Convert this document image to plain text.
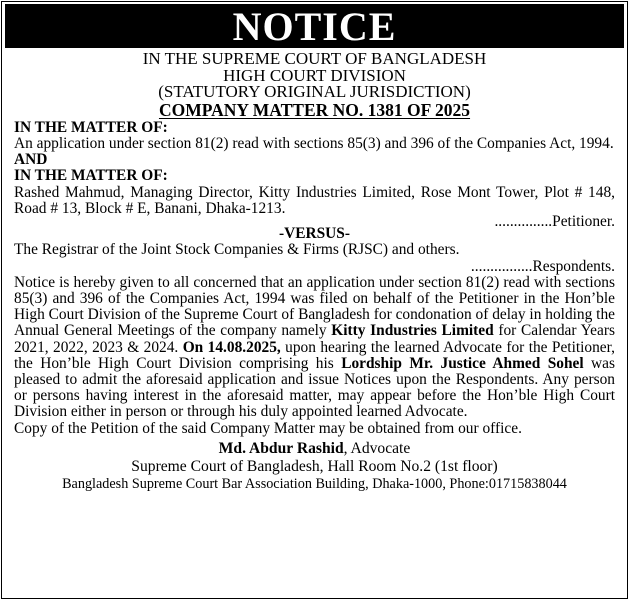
NOTICE
IN THE SUPREME COURT OF BANGLADESH
HIGH COURT DIVISION
(STATUTORY ORIGINAL JURISDICTION)
COMPANY MATTER NO. 1381 OF 2025
IN THE MATTER OF:
An application under section 81(2) read with sections 85(3) and 396 of the Companies Act, 1994.
AND
IN THE MATTER OF:
Rashed Mahmud, Managing Director, Kitty Industries Limited, Rose Mont Tower, Plot # 148, Road # 13, Block # E, Banani, Dhaka-1213.
...............Petitioner.
-VERSUS-
The Registrar of the Joint Stock Companies & Firms (RJSC) and others.
................Respondents.
Notice is hereby given to all concerned that an application under section 81(2) read with sections 85(3) and 396 of the Companies Act, 1994 was filed on behalf of the Petitioner in the Hon’ble High Court Division of the Supreme Court of Bangladesh for condonation of delay in holding the Annual General Meetings of the company namely Kitty Industries Limited for Calendar Years 2021, 2022, 2023 & 2024. On 14.08.2025, upon hearing the learned Advocate for the Petitioner, the Hon’ble High Court Division comprising his Lordship Mr. Justice Ahmed Sohel was pleased to admit the aforesaid application and issue Notices upon the Respondents. Any person or persons having interest in the aforesaid matter, may appear before the Hon’ble High Court Division either in person or through his duly appointed learned Advocate.
Copy of the Petition of the said Company Matter may be obtained from our office.
Md. Abdur Rashid, Advocate
Supreme Court of Bangladesh, Hall Room No.2 (1st floor)
Bangladesh Supreme Court Bar Association Building, Dhaka-1000, Phone:01715838044
